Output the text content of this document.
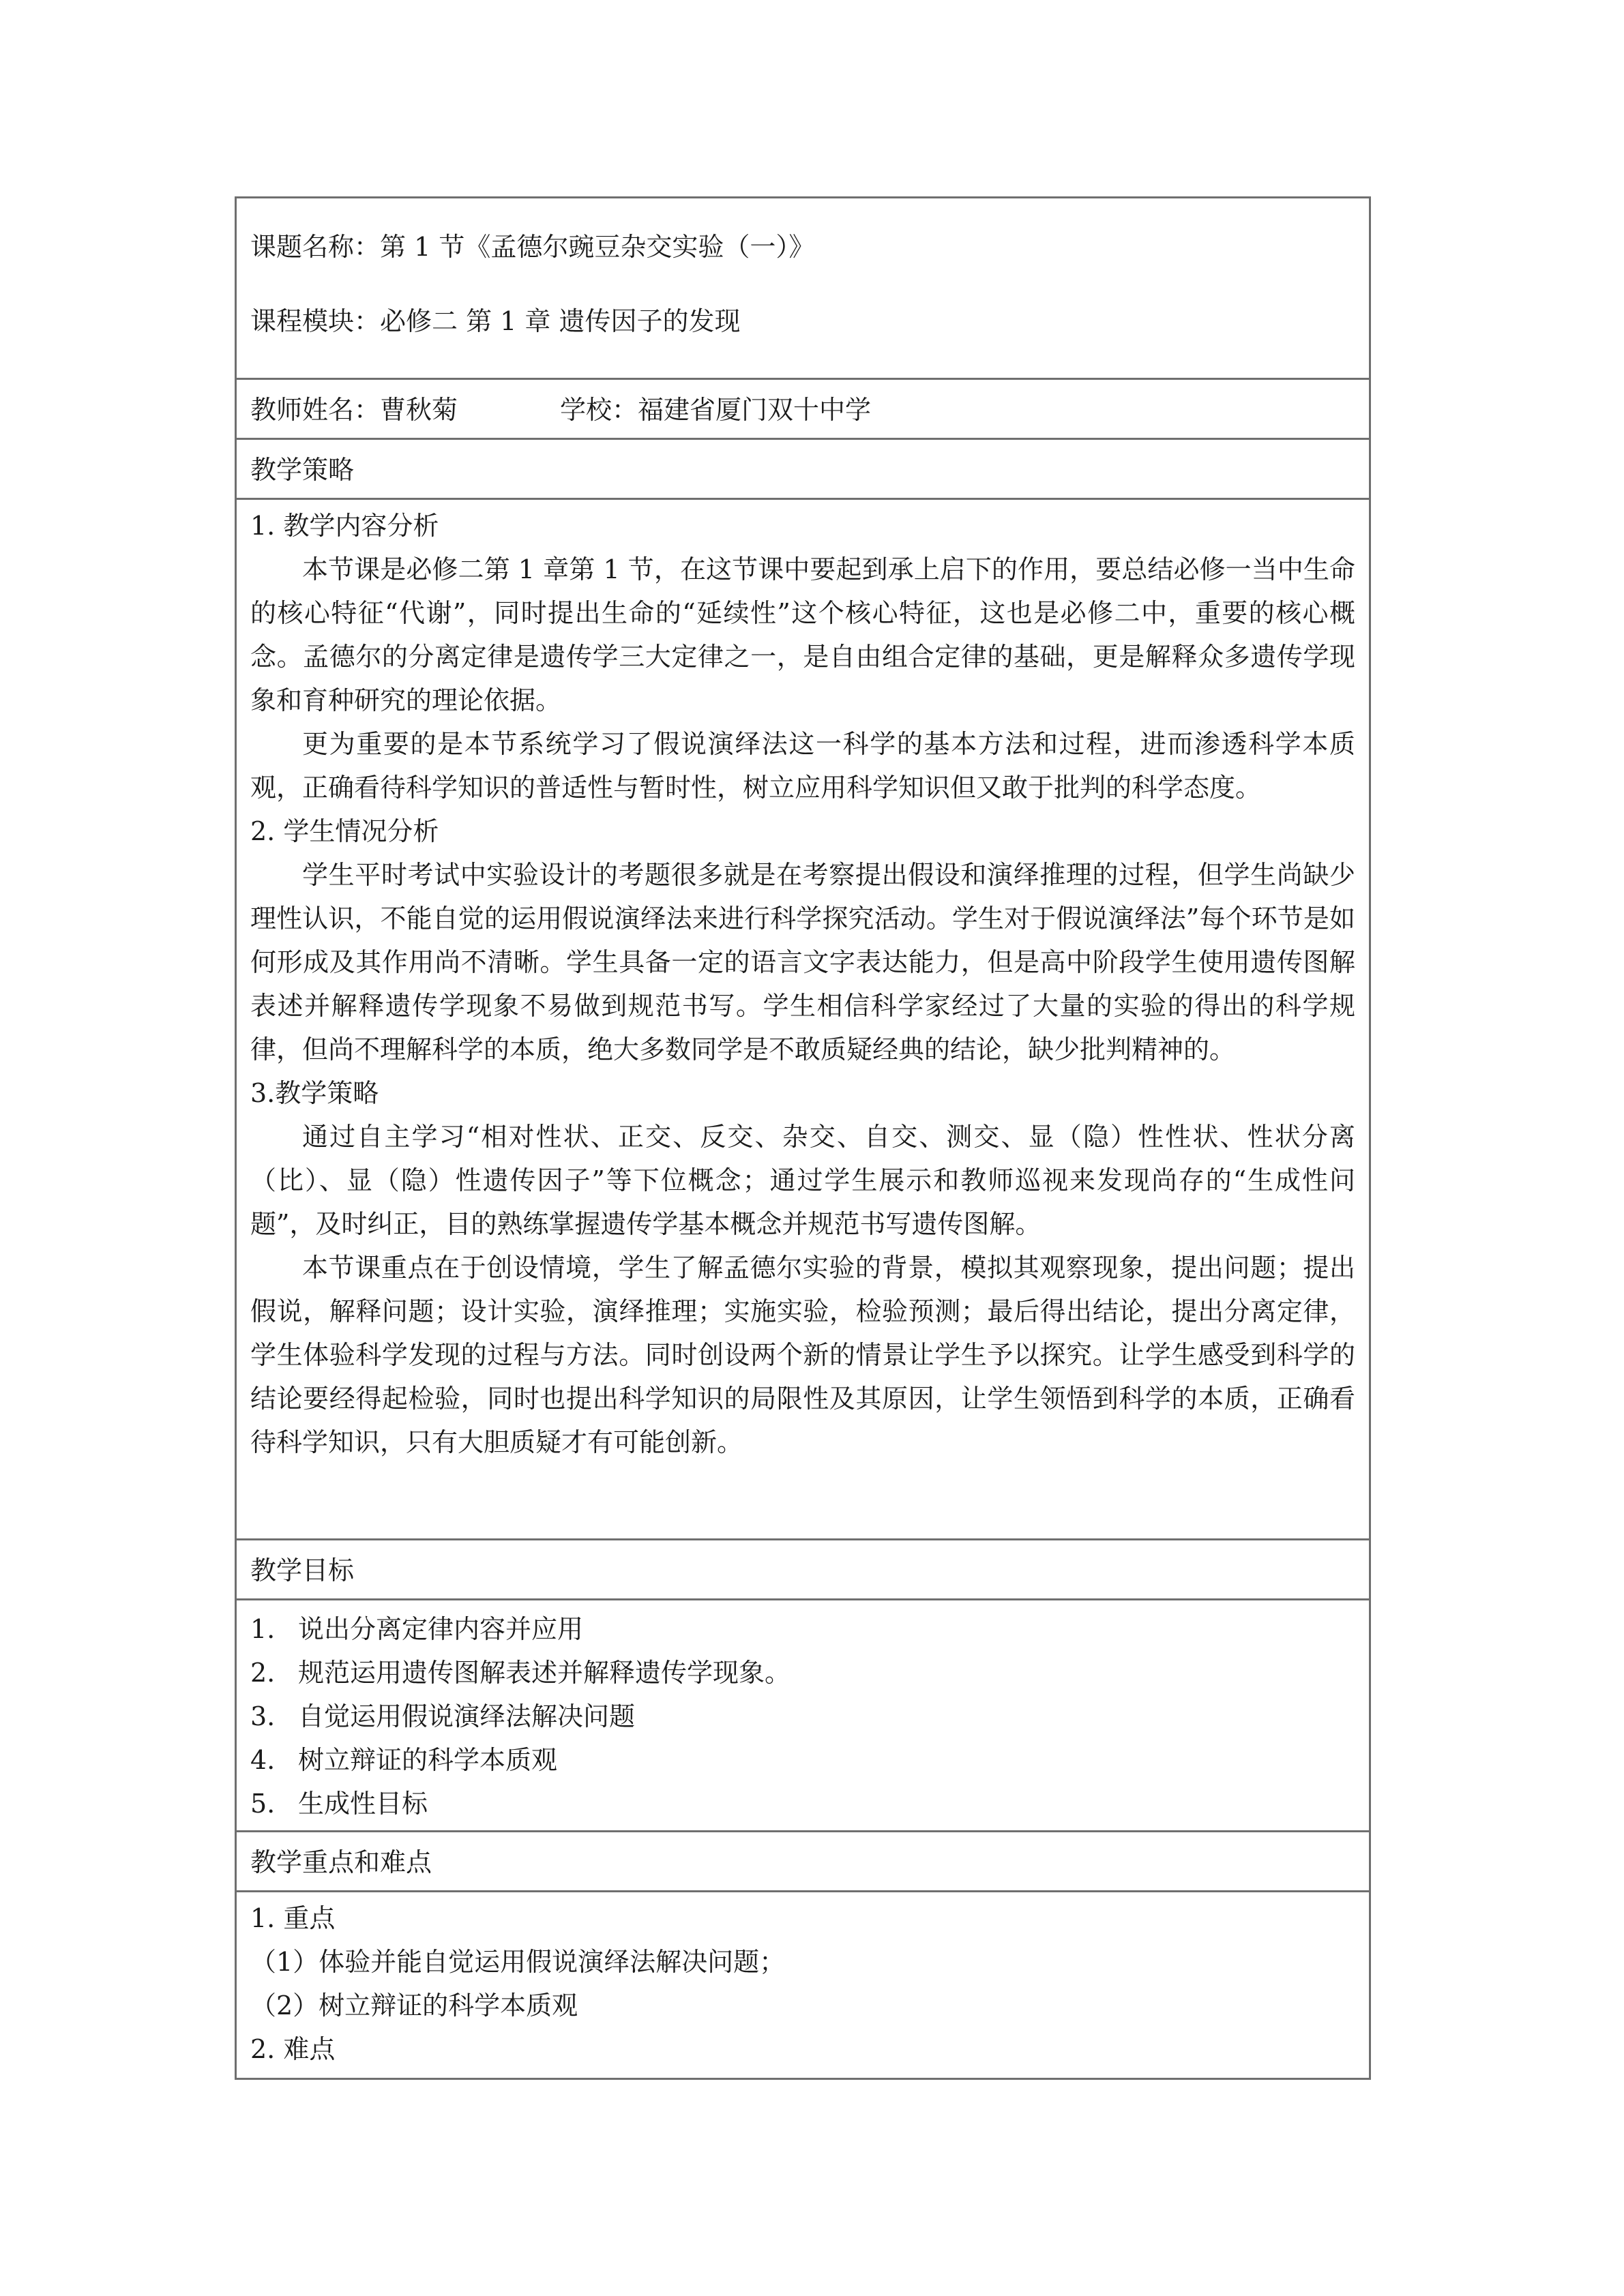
课题名称：第 1 节《孟德尔豌豆杂交实验（一）》
课程模块：必修二 第 1 章 遗传因子的发现
教师姓名：曹秋菊	学校：福建省厦门双十中学
教学策略

1. 教学内容分析

本节课是必修二第 1 章第 1 节，在这节课中要起到承上启下的作用，要总结必修一当中生命的核心特征“代谢”，同时提出生命的“延续性”这个核心特征，这也是必修二中，重要的核心概念。孟德尔的分离定律是遗传学三大定律之一，是自由组合定律的基础，更是解释众多遗传学现象和育种研究的理论依据。

更为重要的是本节系统学习了假说演绎法这一科学的基本方法和过程，进而渗透科学本质观，正确看待科学知识的普适性与暂时性，树立应用科学知识但又敢于批判的科学态度。

2. 学生情况分析

学生平时考试中实验设计的考题很多就是在考察提出假设和演绎推理的过程，但学生尚缺少理性认识，不能自觉的运用假说演绎法来进行科学探究活动。学生对于假说演绎法”每个环节是如何形成及其作用尚不清晰。学生具备一定的语言文字表达能力，但是高中阶段学生使用遗传图解表述并解释遗传学现象不易做到规范书写。学生相信科学家经过了大量的实验的得出的科学规律，但尚不理解科学的本质，绝大多数同学是不敢质疑经典的结论，缺少批判精神的。

3.教学策略

通过自主学习“相对性状、正交、反交、杂交、自交、测交、显（隐）性性状、性状分离（比）、显（隐）性遗传因子”等下位概念；通过学生展示和教师巡视来发现尚存的“生成性问题”，及时纠正，目的熟练掌握遗传学基本概念并规范书写遗传图解。

本节课重点在于创设情境，学生了解孟德尔实验的背景，模拟其观察现象，提出问题；提出假说，解释问题；设计实验，演绎推理；实施实验，检验预测；最后得出结论，提出分离定律，学生体验科学发现的过程与方法。同时创设两个新的情景让学生予以探究。让学生感受到科学的结论要经得起检验，同时也提出科学知识的局限性及其原因，让学生领悟到科学的本质，正确看待科学知识，只有大胆质疑才有可能创新。

教学目标
1. 说出分离定律内容并应用
2. 规范运用遗传图解表述并解释遗传学现象。
3. 自觉运用假说演绎法解决问题
4. 树立辩证的科学本质观
5. 生成性目标
教学重点和难点
1. 重点
（1）体验并能自觉运用假说演绎法解决问题；
（2）树立辩证的科学本质观
2. 难点
